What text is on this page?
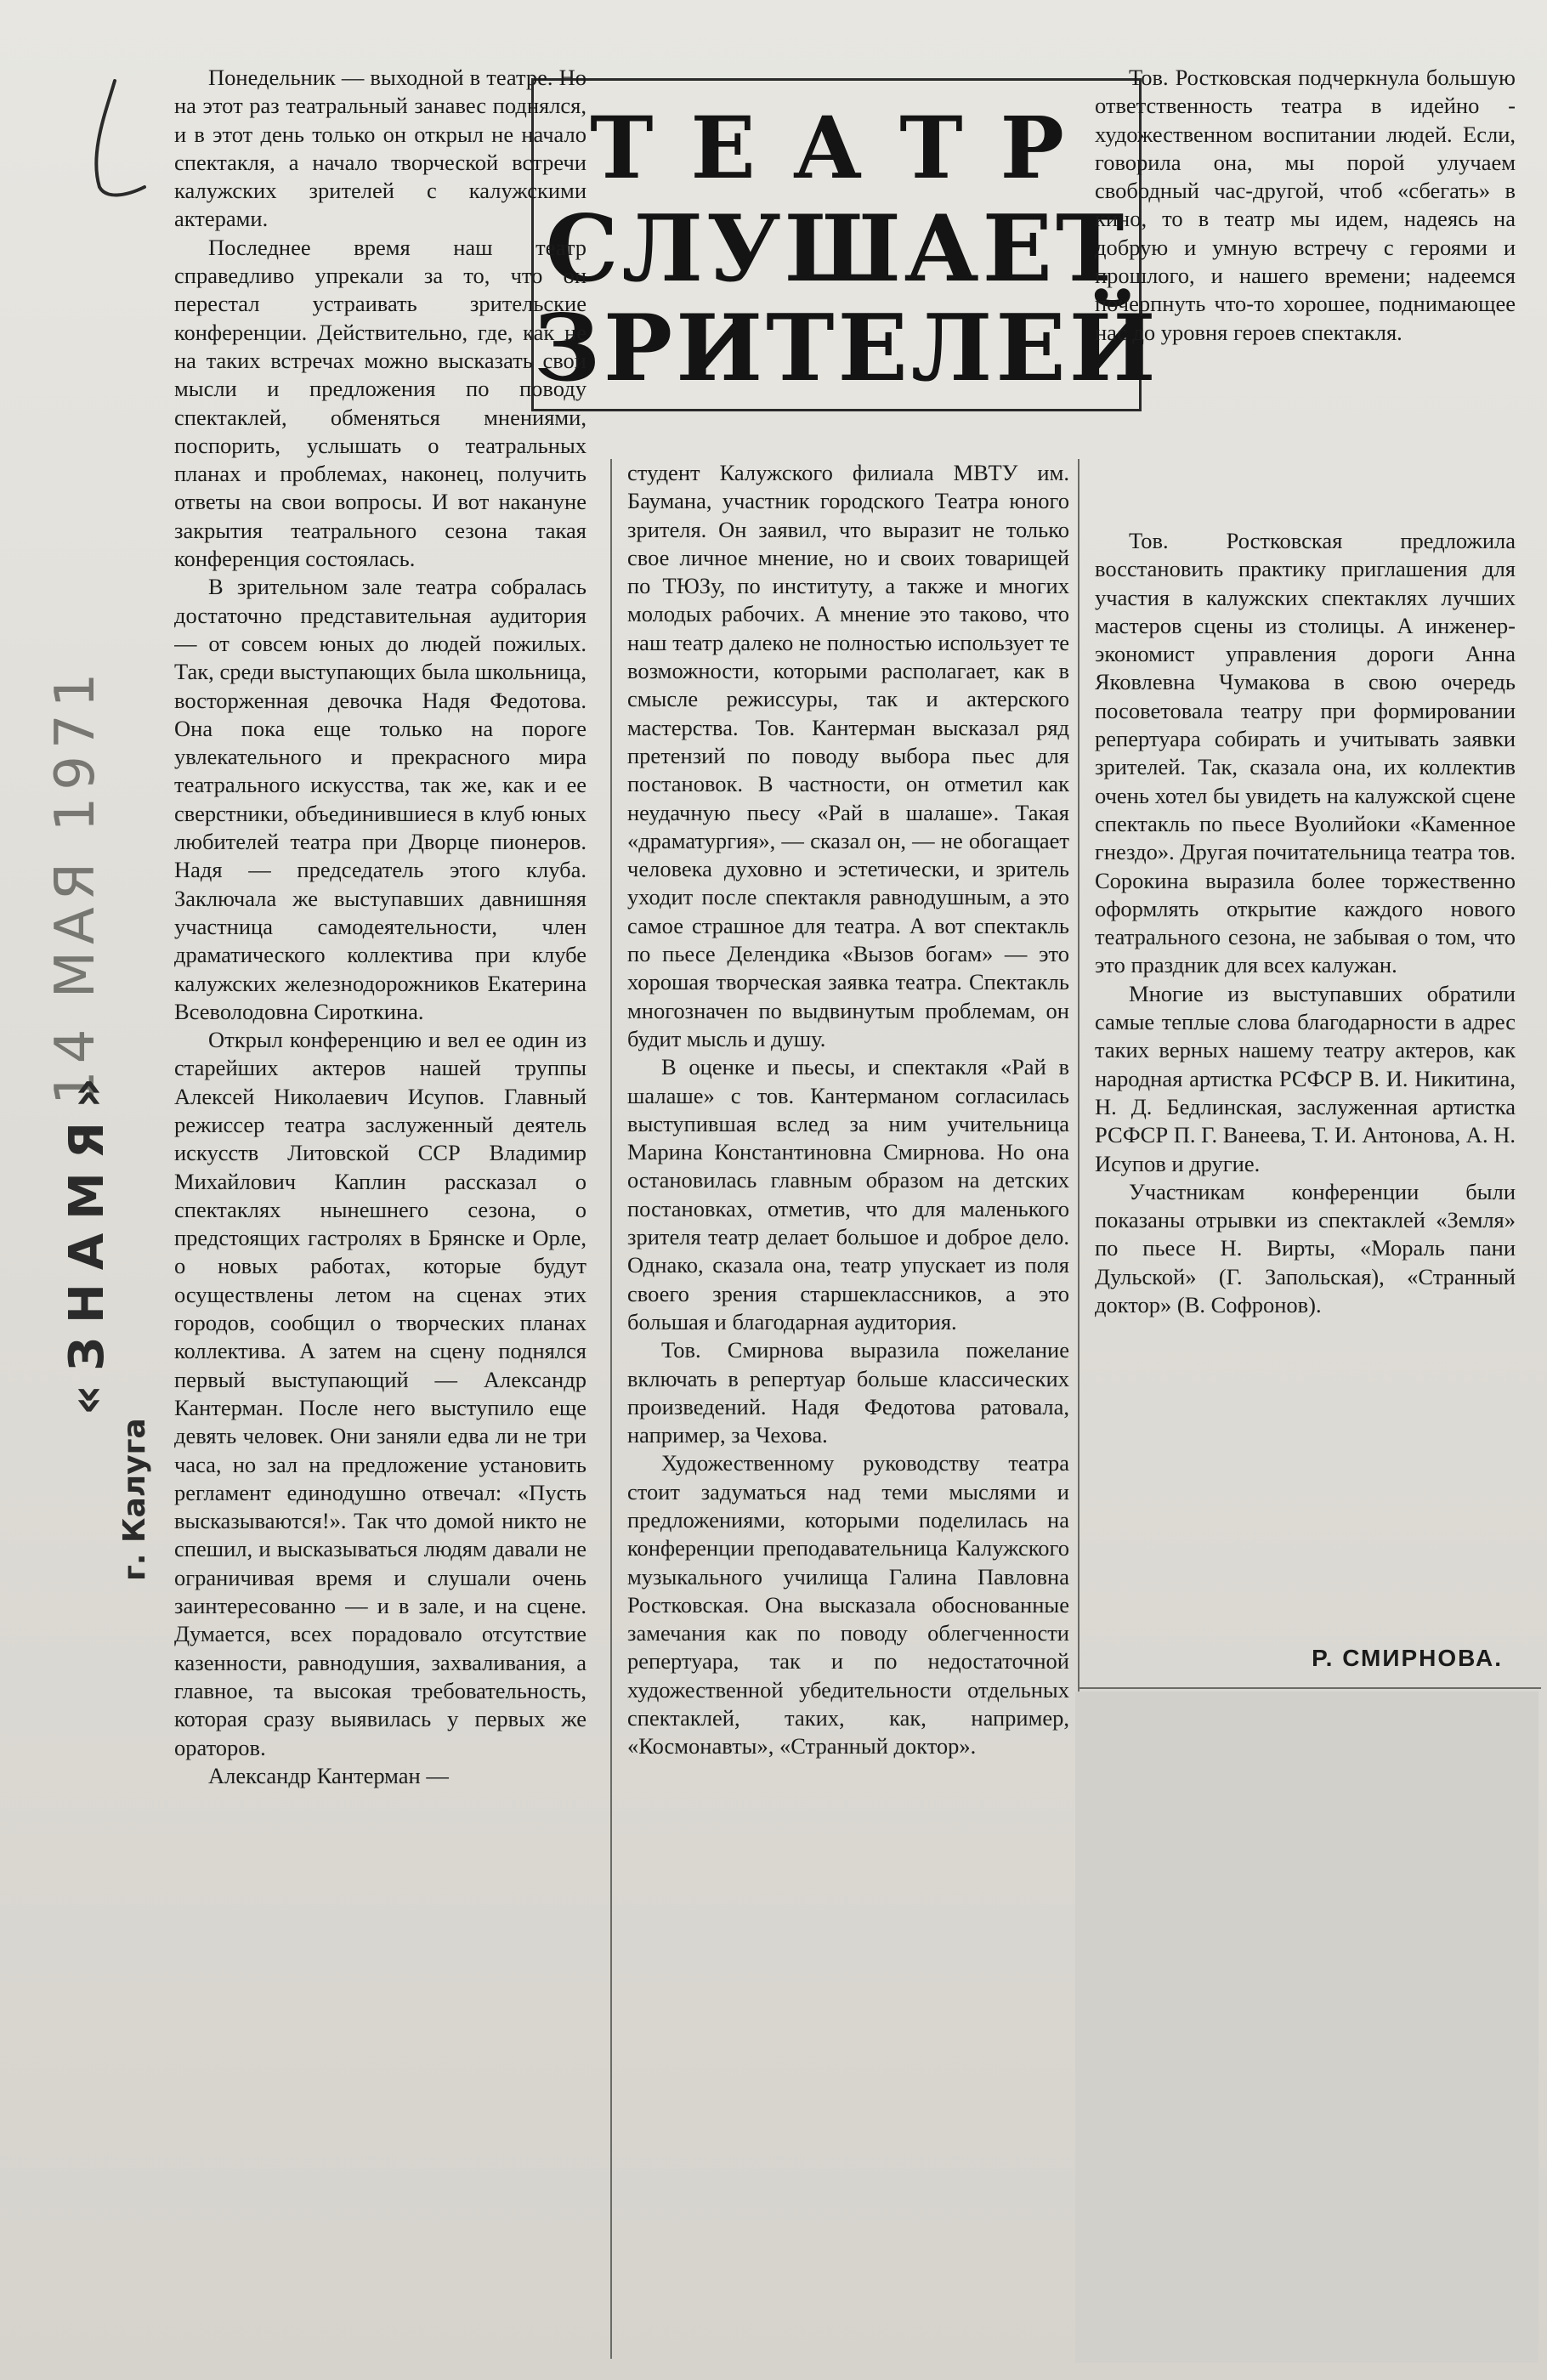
14 МАЯ 1971
«ЗНАМЯ»
г. Калуга
ТЕАТР
СЛУШАЕТ
ЗРИТЕЛЕЙ

Понедельник — выходной в театре. Но на этот раз театральный занавес поднялся, и в этот день только он открыл не начало спектакля, а начало творческой встречи калужских зрителей с калужскими актерами.

Последнее время наш театр справедливо упрекали за то, что он перестал устраивать зрительские конференции. Действительно, где, как не на таких встречах можно высказать свои мысли и предложения по поводу спектаклей, обменяться мнениями, поспорить, услышать о театральных планах и проблемах, наконец, получить ответы на свои вопросы. И вот накануне закрытия театрального сезона такая конференция состоялась.

В зрительном зале театра собралась достаточно представительная аудитория — от совсем юных до людей пожилых. Так, среди выступающих была школьница, восторженная девочка Надя Федотова. Она пока еще только на пороге увлекательного и прекрасного мира театрального искусства, так же, как и ее сверстники, объединившиеся в клуб юных любителей театра при Дворце пионеров. Надя — председатель этого клуба. Заключала же выступавших давнишняя участница самодеятельности, член драматического коллектива при клубе калужских железнодорожников Екатерина Всеволодовна Сироткина.

Открыл конференцию и вел ее один из старейших актеров нашей труппы Алексей Николаевич Исупов. Главный режиссер театра заслуженный деятель искусств Литовской ССР Владимир Михайлович Каплин рассказал о спектаклях нынешнего сезона, о предстоящих гастролях в Брянске и Орле, о новых работах, которые будут осуществлены летом на сценах этих городов, сообщил о творческих планах коллектива. А затем на сцену поднялся первый выступающий — Александр Кантерман. После него выступило еще девять человек. Они заняли едва ли не три часа, но зал на предложение установить регламент единодушно отвечал: «Пусть высказываются!». Так что домой никто не спешил, и высказываться людям давали не ограничивая время и слушали очень заинтересованно — и в зале, и на сцене. Думается, всех порадовало отсутствие казенности, равнодушия, захваливания, а главное, та высокая требовательность, которая сразу выявилась у первых же ораторов.

Александр Кантерман —

студент Калужского филиала МВТУ им. Баумана, участник городского Театра юного зрителя. Он заявил, что выразит не только свое личное мнение, но и своих товарищей по ТЮЗу, по институту, а также и многих молодых рабочих. А мнение это таково, что наш театр далеко не полностью использует те возможности, которыми располагает, как в смысле режиссуры, так и актерского мастерства. Тов. Кантерман высказал ряд претензий по поводу выбора пьес для постановок. В частности, он отметил как неудачную пьесу «Рай в шалаше». Такая «драматургия», — сказал он, — не обогащает человека духовно и эстетически, и зритель уходит после спектакля равнодушным, а это самое страшное для театра. А вот спектакль по пьесе Делендика «Вызов богам» — это хорошая творческая заявка театра. Спектакль многозначен по выдвинутым проблемам, он будит мысль и душу.

В оценке и пьесы, и спектакля «Рай в шалаше» с тов. Кантерманом согласилась выступившая вслед за ним учительница Марина Константиновна Смирнова. Но она остановилась главным образом на детских постановках, отметив, что для маленького зрителя театр делает большое и доброе дело. Однако, сказала она, театр упускает из поля своего зрения старшеклассников, а это большая и благодарная аудитория.

Тов. Смирнова выразила пожелание включать в репертуар больше классических произведений. Надя Федотова ратовала, например, за Чехова.

Художественному руководству театра стоит задуматься над теми мыслями и предложениями, которыми поделилась на конференции преподавательница Калужского музыкального училища Галина Павловна Ростковская. Она высказала обоснованные замечания как по поводу облегченности репертуара, так и по недостаточной художественной убедительности отдельных спектаклей, таких, как, например, «Космонавты», «Странный доктор».

Тов. Ростковская подчеркнула большую ответственность театра в идейно - художественном воспитании людей. Если, говорила она, мы порой улучаем свободный час-другой, чтоб «сбегать» в кино, то в театр мы идем, надеясь на добрую и умную встречу с героями и прошлого, и нашего времени; надеемся почерпнуть что-то хорошее, поднимающее нас до уровня героев спектакля.

Тов. Ростковская предложила восстановить практику приглашения для участия в калужских спектаклях лучших мастеров сцены из столицы. А инженер-экономист управления дороги Анна Яковлевна Чумакова в свою очередь посоветовала театру при формировании репертуара собирать и учитывать заявки зрителей. Так, сказала она, их коллектив очень хотел бы увидеть на калужской сцене спектакль по пьесе Вуолийоки «Каменное гнездо». Другая почитательница театра тов. Сорокина выразила более торжественно оформлять открытие каждого нового театрального сезона, не забывая о том, что это праздник для всех калужан.

Многие из выступавших обратили самые теплые слова благодарности в адрес таких верных нашему театру актеров, как народная артистка РСФСР В. И. Никитина, Н. Д. Бедлинская, заслуженная артистка РСФСР П. Г. Ванеева, Т. И. Антонова, А. Н. Исупов и другие.

Участникам конференции были показаны отрывки из спектаклей «Земля» по пьесе Н. Вирты, «Мораль пани Дульской» (Г. Запольская), «Странный доктор» (В. Софронов).

Р. СМИРНОВА.
